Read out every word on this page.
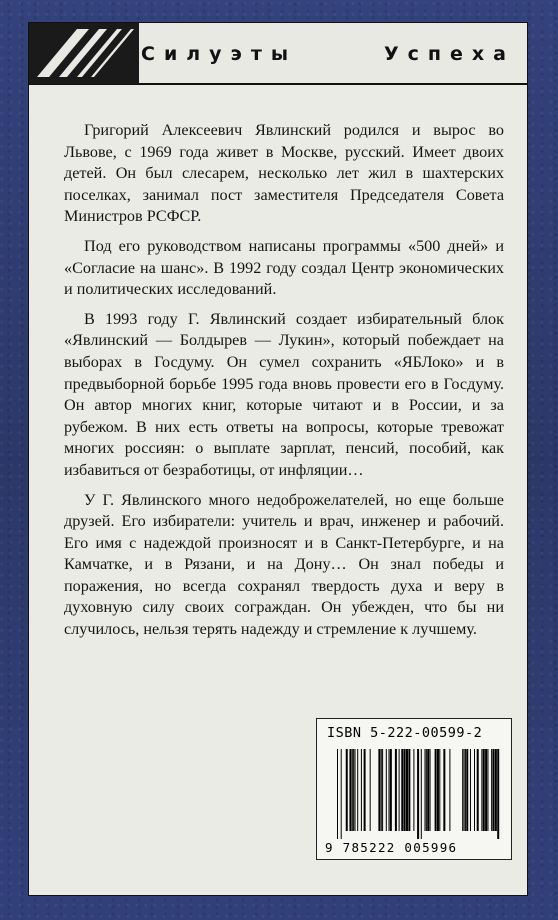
Силуэты	Успеха

Григорий Алексеевич Явлинский родился и вырос во Львове, с 1969 года живет в Москве, русский. Имеет двоих детей. Он был слесарем, несколько лет жил в шахтерских поселках, занимал пост заместителя Председателя Совета Министров РСФСР.

Под его руководством написаны программы «500 дней» и «Согласие на шанс». В 1992 году создал Центр экономических и политических исследований.

В 1993 году Г. Явлинский создает избирательный блок «Явлинский — Болдырев — Лукин», который побеждает на выборах в Госдуму. Он сумел сохранить «ЯБЛоко» и в предвыборной борьбе 1995 года вновь провести его в Госдуму. Он автор многих книг, которые читают и в России, и за рубежом. В них есть ответы на вопросы, которые тревожат многих россиян: о выплате зарплат, пенсий, пособий, как избавиться от безработицы, от инфляции…

У Г. Явлинского много недоброжелателей, но еще больше друзей. Его избиратели: учитель и врач, инженер и рабочий. Его имя с надеждой произносят и в Санкт-Петербурге, и на Камчатке, и в Рязани, и на Дону… Он знал победы и поражения, но всегда сохранял твердость духа и веру в духовную силу своих сограждан. Он убежден, что бы ни случилось, нельзя терять надежду и стремление к лучшему.

ISBN 5-222-00599-2
9 785222 005996
